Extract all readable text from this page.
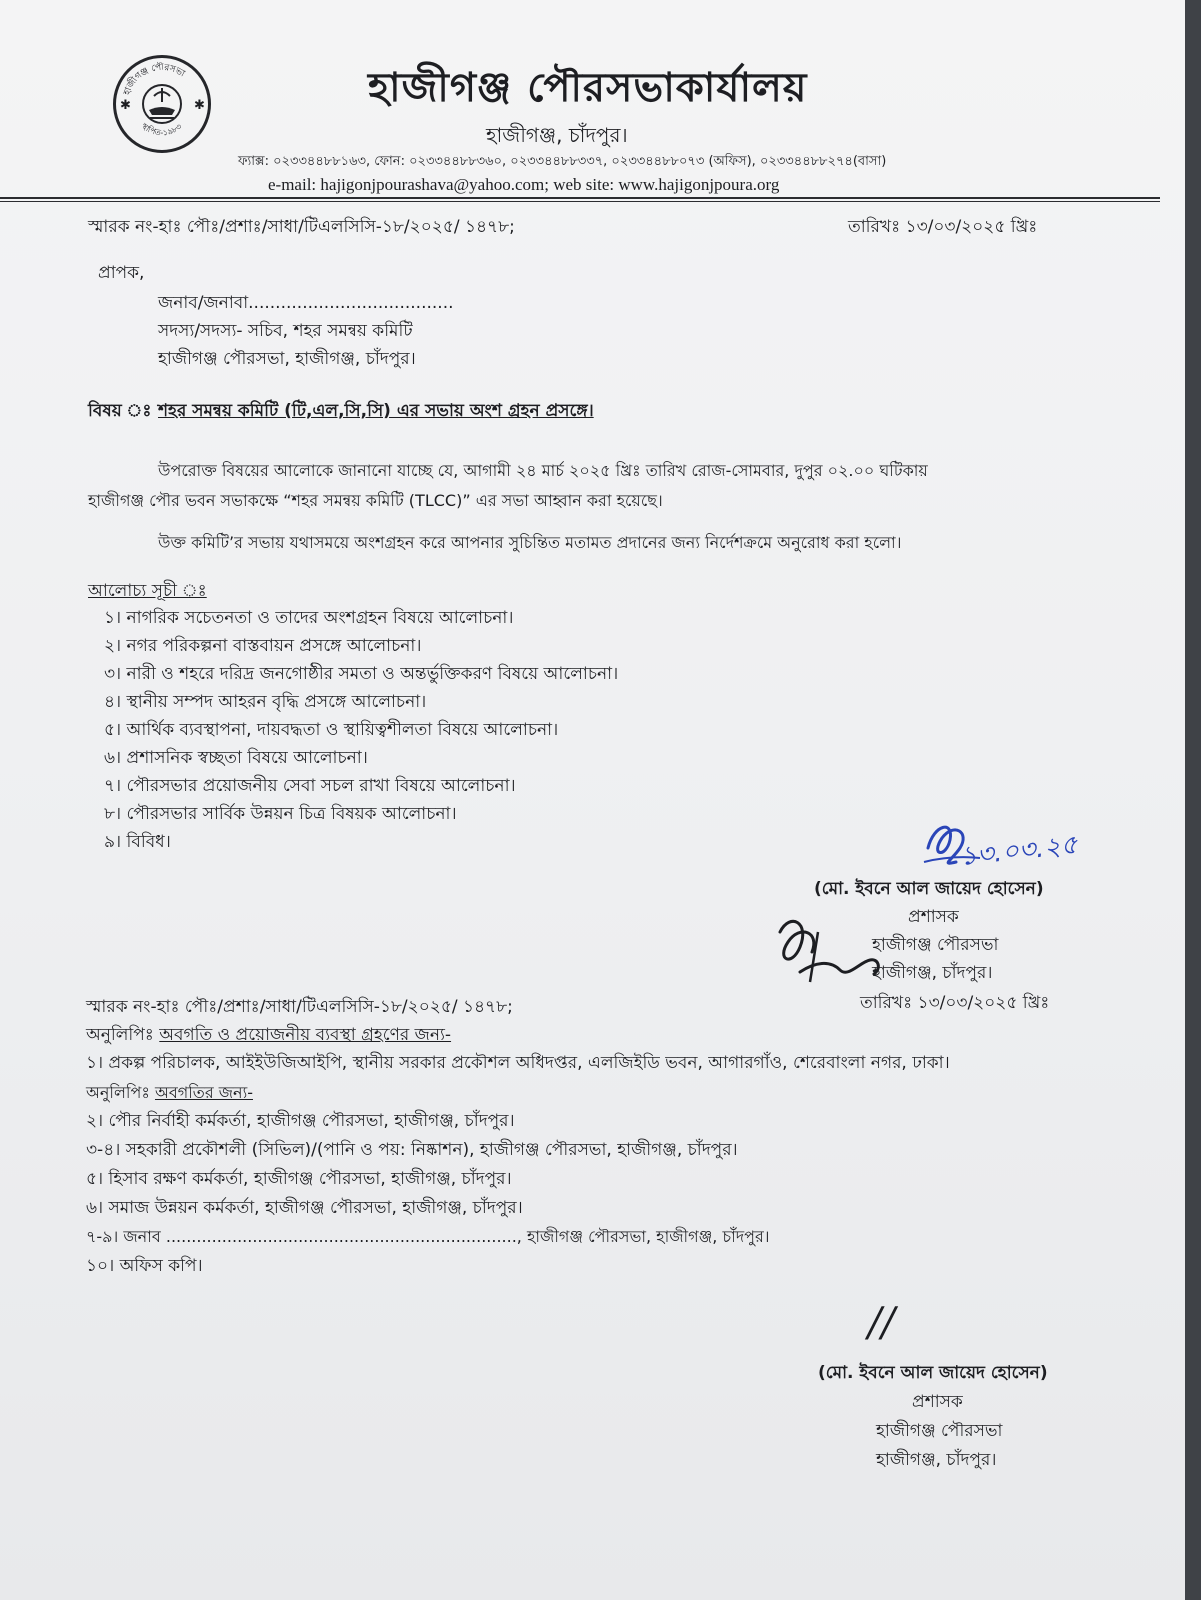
হাজীগঞ্জ পৌরসভা
স্থাপিত-১৯৮৩
✱	✱	হাজীগঞ্জ পৌরসভাকার্যালয়
হাজীগঞ্জ, চাঁদপুর।
ফ্যাক্স: ০২৩৩৪৪৮৮১৬৩, ফোন: ০২৩৩৪৪৮৮৩৬০, ০২৩৩৪৪৮৮৩৩৭, ০২৩৩৪৪৮৮০৭৩ (অফিস), ০২৩৩৪৪৮৮২৭৪(বাসা)
e-mail: hajigonjpourashava@yahoo.com; web site: www.hajigonjpoura.org
স্মারক নং-হাঃ পৌঃ/প্রশাঃ/সাধা/টিএলসিসি-১৮/২০২৫/ ১৪৭৮;	তারিখঃ ১৩/০৩/২০২৫ খ্রিঃ
প্রাপক,
জনাব/জনাবা......................................
সদস্য/সদস্য- সচিব, শহর সমন্বয় কমিটি
হাজীগঞ্জ পৌরসভা, হাজীগঞ্জ, চাঁদপুর।
বিষয় ঃ শহর সমন্বয় কমিটি (টি,এল,সি,সি) এর সভায় অংশ গ্রহন প্রসঙ্গে।
উপরোক্ত বিষয়ের আলোকে জানানো যাচ্ছে যে, আগামী ২৪ মার্চ ২০২৫ খ্রিঃ তারিখ রোজ-সোমবার, দুপুর ০২.০০ ঘটিকায়
হাজীগঞ্জ পৌর ভবন সভাকক্ষে “শহর সমন্বয় কমিটি (TLCC)” এর সভা আহ্বান করা হয়েছে।
উক্ত কমিটি’র সভায় যথাসময়ে অংশগ্রহন করে আপনার সুচিন্তিত মতামত প্রদানের জন্য নির্দেশক্রমে অনুরোধ করা হলো।
আলোচ্য সূচী ঃ
১। নাগরিক সচেতনতা ও তাদের অংশগ্রহন বিষয়ে আলোচনা।
২। নগর পরিকল্পনা বাস্তবায়ন প্রসঙ্গে আলোচনা।
৩। নারী ও শহরে দরিদ্র জনগোষ্ঠীর সমতা ও অন্তর্ভুক্তিকরণ বিষয়ে আলোচনা।
৪। স্থানীয় সম্পদ আহরন বৃদ্ধি প্রসঙ্গে আলোচনা।
৫। আর্থিক ব্যবস্থাপনা, দায়বদ্ধতা ও স্থায়িত্বশীলতা বিষয়ে আলোচনা।
৬। প্রশাসনিক স্বচ্ছতা বিষয়ে আলোচনা।
৭। পৌরসভার প্রয়োজনীয় সেবা সচল রাখা বিষয়ে আলোচনা।
৮। পৌরসভার সার্বিক উন্নয়ন চিত্র বিষয়ক আলোচনা।
৯। বিবিধ।	১৩.০৩.২৫
(মো. ইবনে আল জায়েদ হোসেন)
প্রশাসক
হাজীগঞ্জ পৌরসভা
হাজীগঞ্জ, চাঁদপুর।
স্মারক নং-হাঃ পৌঃ/প্রশাঃ/সাধা/টিএলসিসি-১৮/২০২৫/ ১৪৭৮;	তারিখঃ ১৩/০৩/২০২৫ খ্রিঃ
অনুলিপিঃ অবগতি ও প্রয়োজনীয় ব্যবস্থা গ্রহণের জন্য-
১। প্রকল্প পরিচালক, আইইউজিআইপি, স্থানীয় সরকার প্রকৌশল অধিদপ্তর, এলজিইডি ভবন, আগারগাঁও, শেরেবাংলা নগর, ঢাকা।
অনুলিপিঃ অবগতির জন্য-
২। পৌর নির্বাহী কর্মকর্তা, হাজীগঞ্জ পৌরসভা, হাজীগঞ্জ, চাঁদপুর।
৩-৪। সহকারী প্রকৌশলী (সিভিল)/(পানি ও পয়: নিষ্কাশন), হাজীগঞ্জ পৌরসভা, হাজীগঞ্জ, চাঁদপুর।
৫। হিসাব রক্ষণ কর্মকর্তা, হাজীগঞ্জ পৌরসভা, হাজীগঞ্জ, চাঁদপুর।
৬। সমাজ উন্নয়ন কর্মকর্তা, হাজীগঞ্জ পৌরসভা, হাজীগঞ্জ, চাঁদপুর।
৭-৯। জনাব ....................................................................., হাজীগঞ্জ পৌরসভা, হাজীগঞ্জ, চাঁদপুর।
১০। অফিস কপি।
//
(মো. ইবনে আল জায়েদ হোসেন)
প্রশাসক
হাজীগঞ্জ পৌরসভা
হাজীগঞ্জ, চাঁদপুর।
